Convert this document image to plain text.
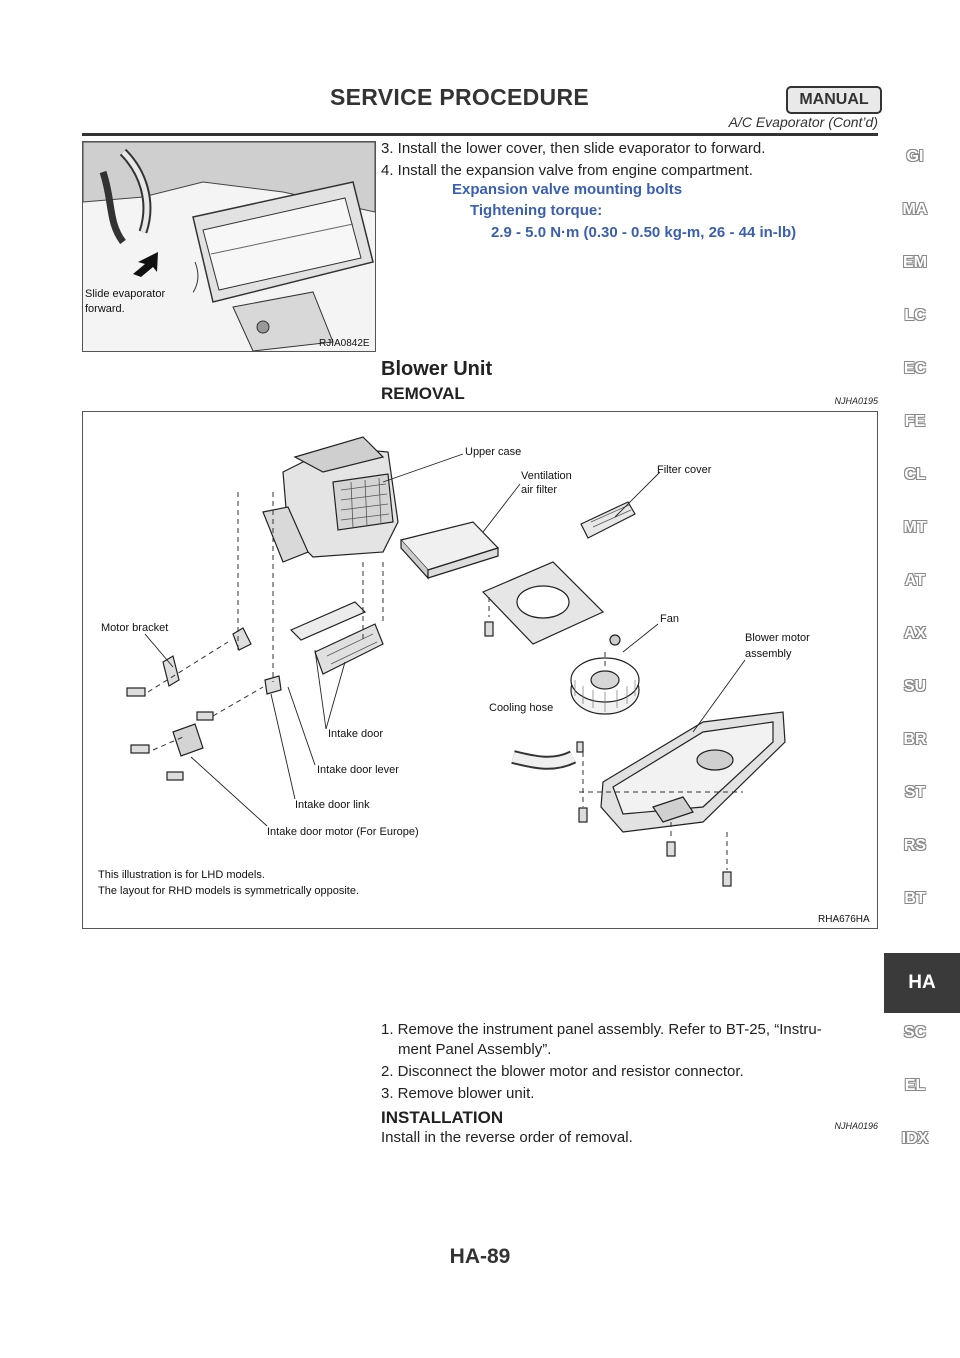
SERVICE PROCEDURE	MANUAL
A/C Evaporator (Cont’d)
Slide evaporator
forward.
RJIA0842E
3. Install the lower cover, then slide evaporator to forward.
4. Install the expansion valve from engine compartment.
Expansion valve mounting bolts
Tightening torque:
2.9 - 5.0 N·m (0.30 - 0.50 kg-m, 26 - 44 in-lb)
Blower Unit
REMOVAL	NJHA0195
Upper case
Ventilation
air filter
Filter cover
Motor bracket
Fan
Blower motor
assembly
Cooling hose
Intake door
Intake door lever
Intake door link
Intake door motor (For Europe)
This illustration is for LHD models.
The layout for RHD models is symmetrically opposite.
RHA676HA
1. Remove the instrument panel assembly. Refer to BT-25, “Instru-
ment Panel Assembly”.
2. Disconnect the blower motor and resistor connector.
3. Remove blower unit.
INSTALLATION	NJHA0196
Install in the reverse order of removal.
GI
MA
EM
LC
EC
FE
CL
MT
AT
AX
SU
BR
ST
RS
BT
HA
SC
EL
IDX
HA-89
